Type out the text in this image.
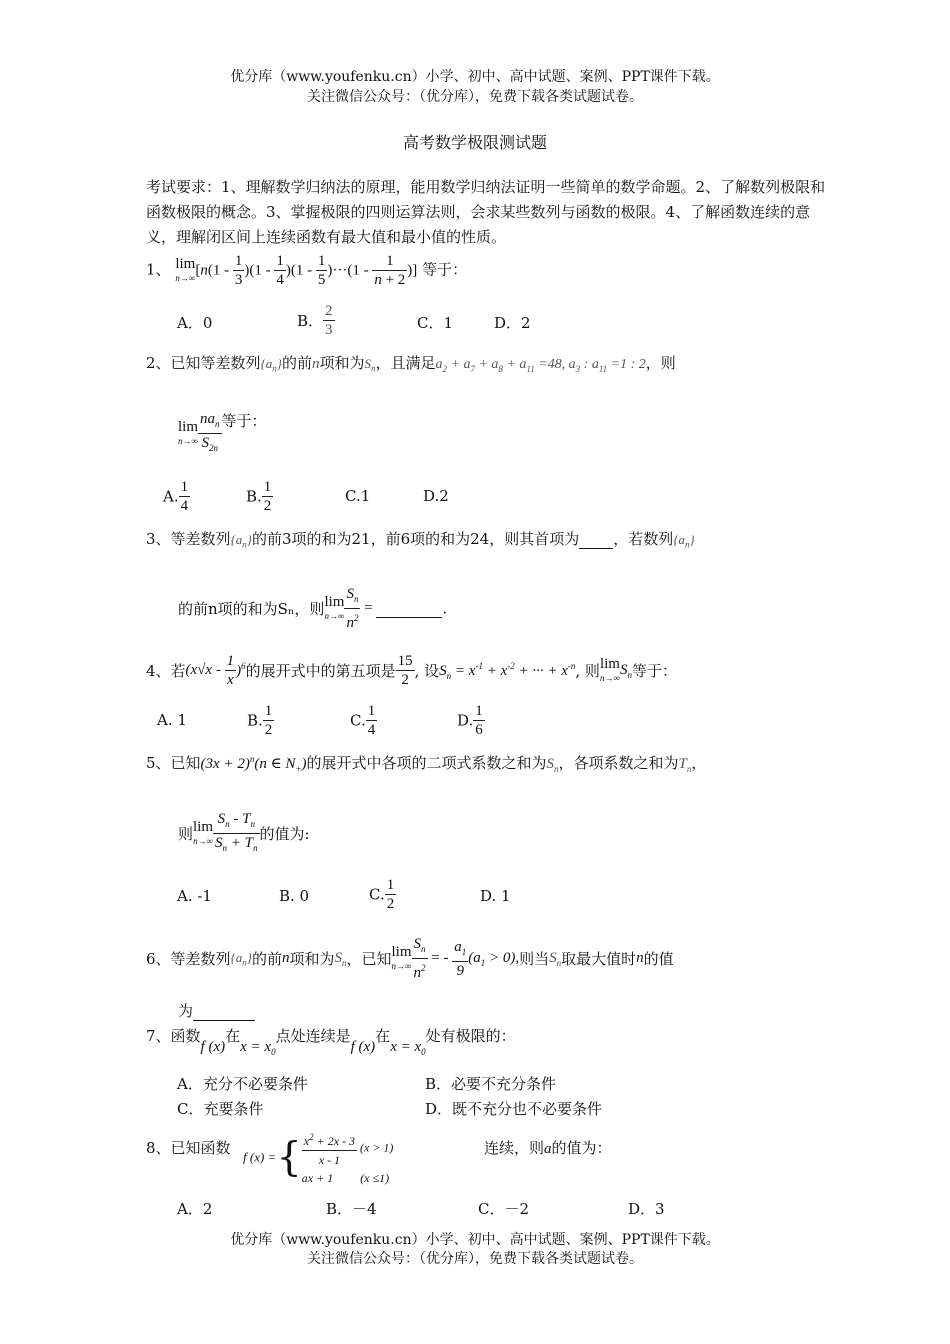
优分库（www.youfenku.cn）小学、初中、高中试题、案例、PPT课件下载。
关注微信公众号：（优分库），免费下载各类试题试卷。
高考数学极限测试题
考试要求：1、理解数学归纳法的原理，能用数学归纳法证明一些简单的数学命题。2、了解数列极限和函数极限的概念。3、掌握极限的四则运算法则，会求某些数列与函数的极限。4、了解函数连续的意义，理解闭区间上连续函数有最大值和最小值的性质。
1、 lim
n→∞ [$n(1 - \frac{1}{3} )(1 - \frac{1}{4} )(1 - \frac{1}{5} )\cdot\cdot\cdot(1 - \frac{1}{n + 2}$ )] 等于：
A．0	B． $\frac{2}{3}$	C．1	D．2
2、已知等差数列$\{a_n\}$的前n项和为$S_n$，且满足$a_2 + a_7 + a_8 + a_{11} =48$, $a_3$ : $a_{11} =1$ : 2，则
lim
$n\to\infty \frac{na_n}{S_{2n}}$ 等于：
A. $\frac{1}{4}$	B. $\frac{1}{2}$	C.1	D.2
3、等差数列$\{a_n\}$的前3项的和为21，前6项的和为24，则其首项为 ，若数列$\{a_n\}$
的前n项的和为Sₙ，则 lim
$n\to\infty \frac{S_n}{n^2}$ =	.
4、若$(x√x - \frac{1}{x} )^6$的展开式中的第五项是 $\frac{15}{2}$ , 设$S_n = x^{-1} + x^{-2}$ + ··· + $x^{-n}$, 则 lim
n→∞ $S_n$等于：
A. 1	B. $\frac{1}{2}$	C. $\frac{1}{4}$	D. $\frac{1}{6}$
5、已知$(3x + 2)^n(n$ ∈ $N_+$)的展开式中各项的二项式系数之和为$S_n$，各项系数之和为$T_n$，
则 lim
$n\to\infty \frac{S_n - T_n}{S_n + T_n}$ 的值为:
A. -1	B. 0	C. $\frac{1}{2}$	D. 1
6、等差数列$\{a_n\}$的前n项和为$S_n$，已知 lim
$n\to\infty \frac{S_n}{n^2}$ = - $\frac{a_1}{9} (a_1 > 0)$,则当$S_n$取最大值时n的值
为
7、函数f (x)在$x = x_0$点处连续是f (x)在$x = x_0$处有极限的：
A．充分不必要条件	B．必要不充分条件
C．充要条件	D．既不充分也不必要条件
8、已知函数 f (x) ={ $\frac{x^2 + 2x - 3}{x - 1} (x > 1)$
ax + 1         (x ≤1)
连续，则a的值为：
A．2	B．－4	C．－2	D．3
优分库（www.youfenku.cn）小学、初中、高中试题、案例、PPT课件下载。
关注微信公众号：（优分库），免费下载各类试题试卷。
